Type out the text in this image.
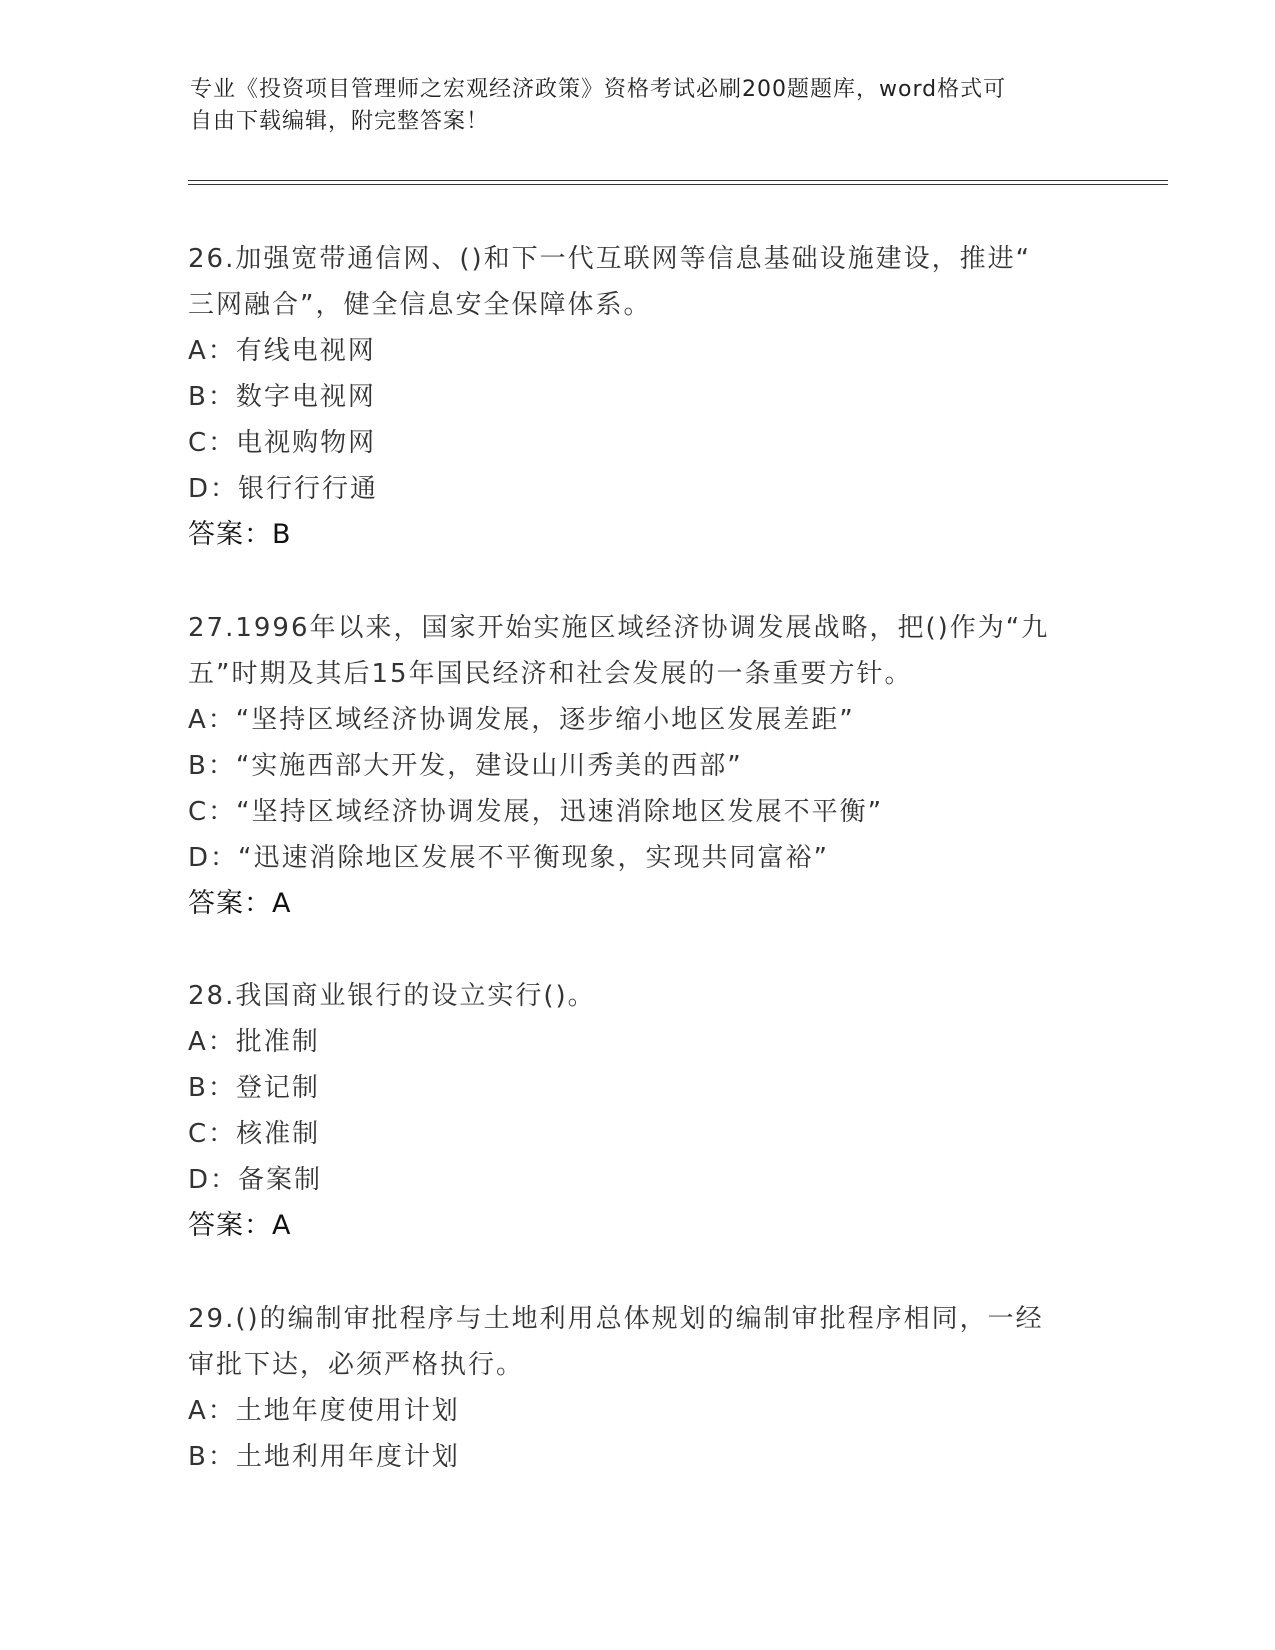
专业《投资项目管理师之宏观经济政策》资格考试必刷200题题库，word格式可
自由下载编辑，附完整答案！
26.加强宽带通信网、()和下一代互联网等信息基础设施建设，推进“
三网融合”，健全信息安全保障体系。
A：有线电视网
B：数字电视网
C：电视购物网
D：银行行行通
答案：B
27.1996年以来，国家开始实施区域经济协调发展战略，把()作为“九
五”时期及其后15年国民经济和社会发展的一条重要方针。
A：“坚持区域经济协调发展，逐步缩小地区发展差距”
B：“实施西部大开发，建设山川秀美的西部”
C：“坚持区域经济协调发展，迅速消除地区发展不平衡”
D：“迅速消除地区发展不平衡现象，实现共同富裕”
答案：A
28.我国商业银行的设立实行()。
A：批准制
B：登记制
C：核准制
D：备案制
答案：A
29.()的编制审批程序与土地利用总体规划的编制审批程序相同，一经
审批下达，必须严格执行。
A：土地年度使用计划
B：土地利用年度计划
